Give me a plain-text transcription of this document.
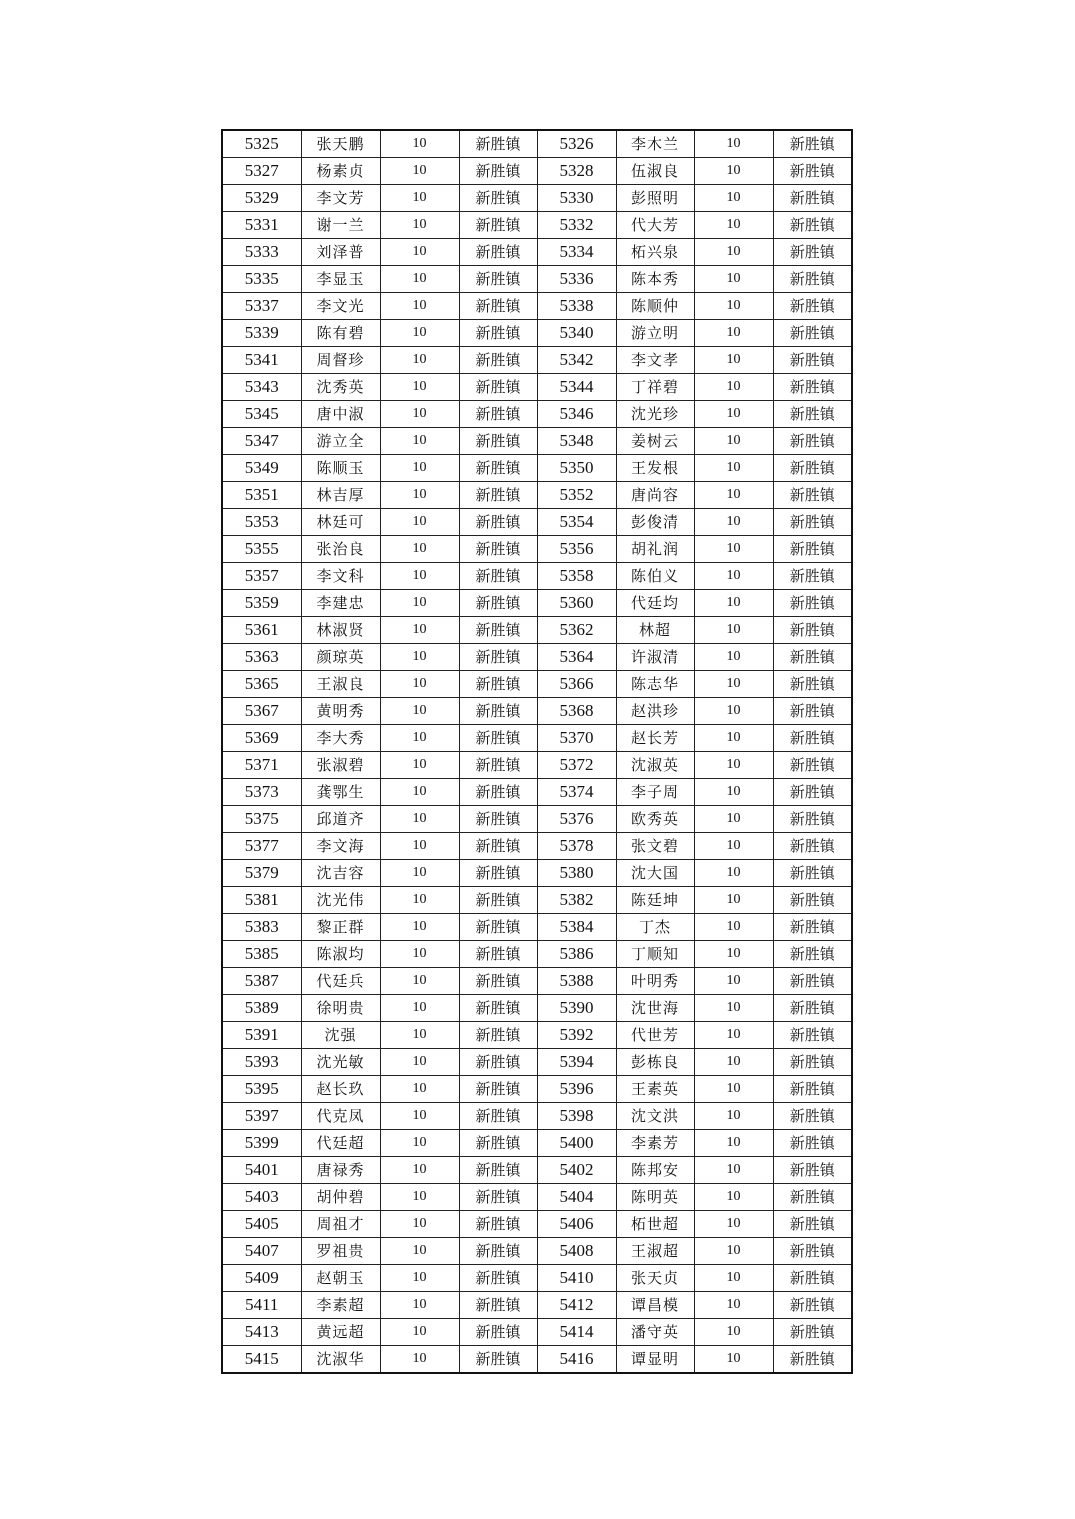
5325	张天鹏	10	新胜镇	5326	李木兰	10	新胜镇
5327	杨素贞	10	新胜镇	5328	伍淑良	10	新胜镇
5329	李文芳	10	新胜镇	5330	彭照明	10	新胜镇
5331	谢一兰	10	新胜镇	5332	代大芳	10	新胜镇
5333	刘泽普	10	新胜镇	5334	柘兴泉	10	新胜镇
5335	李显玉	10	新胜镇	5336	陈本秀	10	新胜镇
5337	李文光	10	新胜镇	5338	陈顺仲	10	新胜镇
5339	陈有碧	10	新胜镇	5340	游立明	10	新胜镇
5341	周督珍	10	新胜镇	5342	李文孝	10	新胜镇
5343	沈秀英	10	新胜镇	5344	丁祥碧	10	新胜镇
5345	唐中淑	10	新胜镇	5346	沈光珍	10	新胜镇
5347	游立全	10	新胜镇	5348	姜树云	10	新胜镇
5349	陈顺玉	10	新胜镇	5350	王发根	10	新胜镇
5351	林吉厚	10	新胜镇	5352	唐尚容	10	新胜镇
5353	林廷可	10	新胜镇	5354	彭俊清	10	新胜镇
5355	张治良	10	新胜镇	5356	胡礼润	10	新胜镇
5357	李文科	10	新胜镇	5358	陈伯义	10	新胜镇
5359	李建忠	10	新胜镇	5360	代廷均	10	新胜镇
5361	林淑贤	10	新胜镇	5362	林超	10	新胜镇
5363	颜琼英	10	新胜镇	5364	许淑清	10	新胜镇
5365	王淑良	10	新胜镇	5366	陈志华	10	新胜镇
5367	黄明秀	10	新胜镇	5368	赵洪珍	10	新胜镇
5369	李大秀	10	新胜镇	5370	赵长芳	10	新胜镇
5371	张淑碧	10	新胜镇	5372	沈淑英	10	新胜镇
5373	龚鄂生	10	新胜镇	5374	李子周	10	新胜镇
5375	邱道齐	10	新胜镇	5376	欧秀英	10	新胜镇
5377	李文海	10	新胜镇	5378	张文碧	10	新胜镇
5379	沈吉容	10	新胜镇	5380	沈大国	10	新胜镇
5381	沈光伟	10	新胜镇	5382	陈廷坤	10	新胜镇
5383	黎正群	10	新胜镇	5384	丁杰	10	新胜镇
5385	陈淑均	10	新胜镇	5386	丁顺知	10	新胜镇
5387	代廷兵	10	新胜镇	5388	叶明秀	10	新胜镇
5389	徐明贵	10	新胜镇	5390	沈世海	10	新胜镇
5391	沈强	10	新胜镇	5392	代世芳	10	新胜镇
5393	沈光敏	10	新胜镇	5394	彭栋良	10	新胜镇
5395	赵长玖	10	新胜镇	5396	王素英	10	新胜镇
5397	代克凤	10	新胜镇	5398	沈文洪	10	新胜镇
5399	代廷超	10	新胜镇	5400	李素芳	10	新胜镇
5401	唐禄秀	10	新胜镇	5402	陈邦安	10	新胜镇
5403	胡仲碧	10	新胜镇	5404	陈明英	10	新胜镇
5405	周祖才	10	新胜镇	5406	柘世超	10	新胜镇
5407	罗祖贵	10	新胜镇	5408	王淑超	10	新胜镇
5409	赵朝玉	10	新胜镇	5410	张天贞	10	新胜镇
5411	李素超	10	新胜镇	5412	谭昌模	10	新胜镇
5413	黄远超	10	新胜镇	5414	潘守英	10	新胜镇
5415	沈淑华	10	新胜镇	5416	谭显明	10	新胜镇
